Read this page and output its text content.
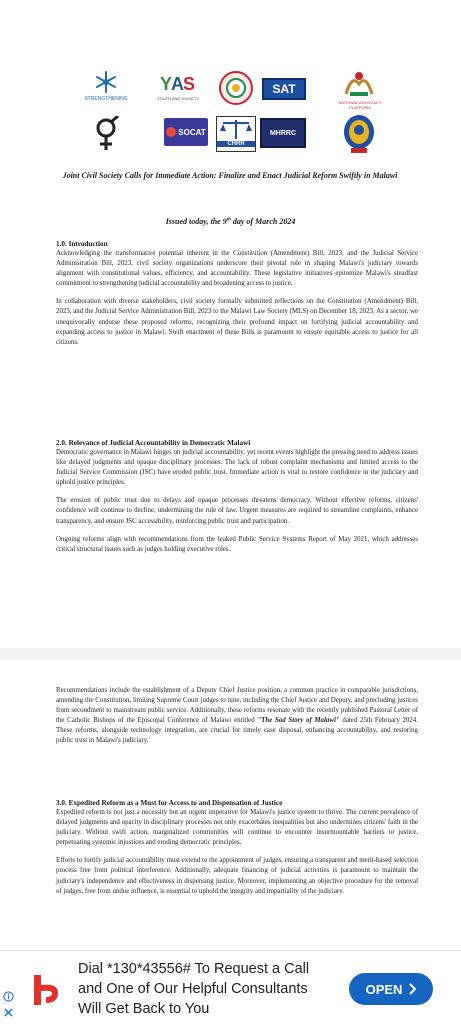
STRENGTHENING
Y A S
YOUTH AND SOCIETY
SAT
NATIONAL ADVOCACY PLATFORM
SOCAT
CHRR
MHRRC
Joint Civil Society Calls for Immediate Action: Finalize and Enact Judicial Reform Swiftly in Malawi
Issued today, the 9th day of March 2024
1.0. Introduction
Acknowledging the transformative potential inherent in the Constitution (Amendment) Bill, 2023, and the Judicial Service Administration Bill, 2023, civil society organizations underscore their pivotal role in shaping Malawi's judiciary towards alignment with constitutional values, efficiency, and accountability. These legislative initiatives epitomize Malawi's steadfast commitment to strengthening judicial accountability and broadening access to justice.
In collaboration with diverse stakeholders, civil society formally submitted reflections on the Constitution (Amendment) Bill, 2023, and the Judicial Service Administration Bill, 2023 to the Malawi Law Society (MLS) on December 18, 2023. As a sector, we unequivocally endorse these proposed reforms, recognizing their profound impact on fortifying judicial accountability and expanding access to justice in Malawi. Swift enactment of these Bills is paramount to ensure equitable access to justice for all citizens.
2.0. Relevance of Judicial Accountability in Democratic Malawi
Democratic governance in Malawi hinges on judicial accountability, yet recent events highlight the pressing need to address issues like delayed judgments and opaque disciplinary processes. The lack of robust complaint mechanisms and limited access to the Judicial Service Commission (JSC) have eroded public trust. Immediate action is vital to restore confidence in the judiciary and uphold justice principles.
The erosion of public trust due to delays and opaque processes threatens democracy. Without effective reforms, citizens' confidence will continue to decline, undermining the rule of law. Urgent measures are required to streamline complaints, enhance transparency, and ensure JSC accessibility, reinforcing public trust and participation.
Ongoing reforms align with recommendations from the leaked Public Service Systems Report of May 2021, which addresses critical structural issues such as judges holding executive roles.
Recommendations include the establishment of a Deputy Chief Justice position, a common practice in comparable jurisdictions, amending the Constitution, limiting Supreme Court judges to nine, including the Chief Justice and Deputy, and precluding justices from secondment to mainstream public service. Additionally, these reforms resonate with the recently published Pastoral Letter of the Catholic Bishops of the Episcopal Conference of Malawi entitled "The Sad Story of Malawi" dated 25th February 2024. These reforms, alongside technology integration, are crucial for timely case disposal, enhancing accountability, and restoring public trust in Malawi's judiciary.
3.0. Expedited Reform as a Must for Access to and Dispensation of Justice
Expedited reform is not just a necessity but an urgent imperative for Malawi's justice system to thrive. The current prevalence of delayed judgments and opacity in disciplinary processes not only exacerbates inequalities but also undermines citizens' faith in the judiciary. Without swift action, marginalized communities will continue to encounter insurmountable barriers to justice, perpetuating systemic injustices and eroding democratic principles.
Efforts to fortify judicial accountability must extend to the appointment of judges, ensuring a transparent and merit-based selection process free from political interference. Additionally, adequate financing of judicial activities is paramount to maintain the judiciary's independence and effectiveness in dispensing justice. Moreover, implementing an objective procedure for the removal of judges, free from undue influence, is essential to uphold the integrity and impartiality of the judiciary.
Dial *130*43556# To Request a Call and One of Our Helpful Consultants Will Get Back to You
OPEN
